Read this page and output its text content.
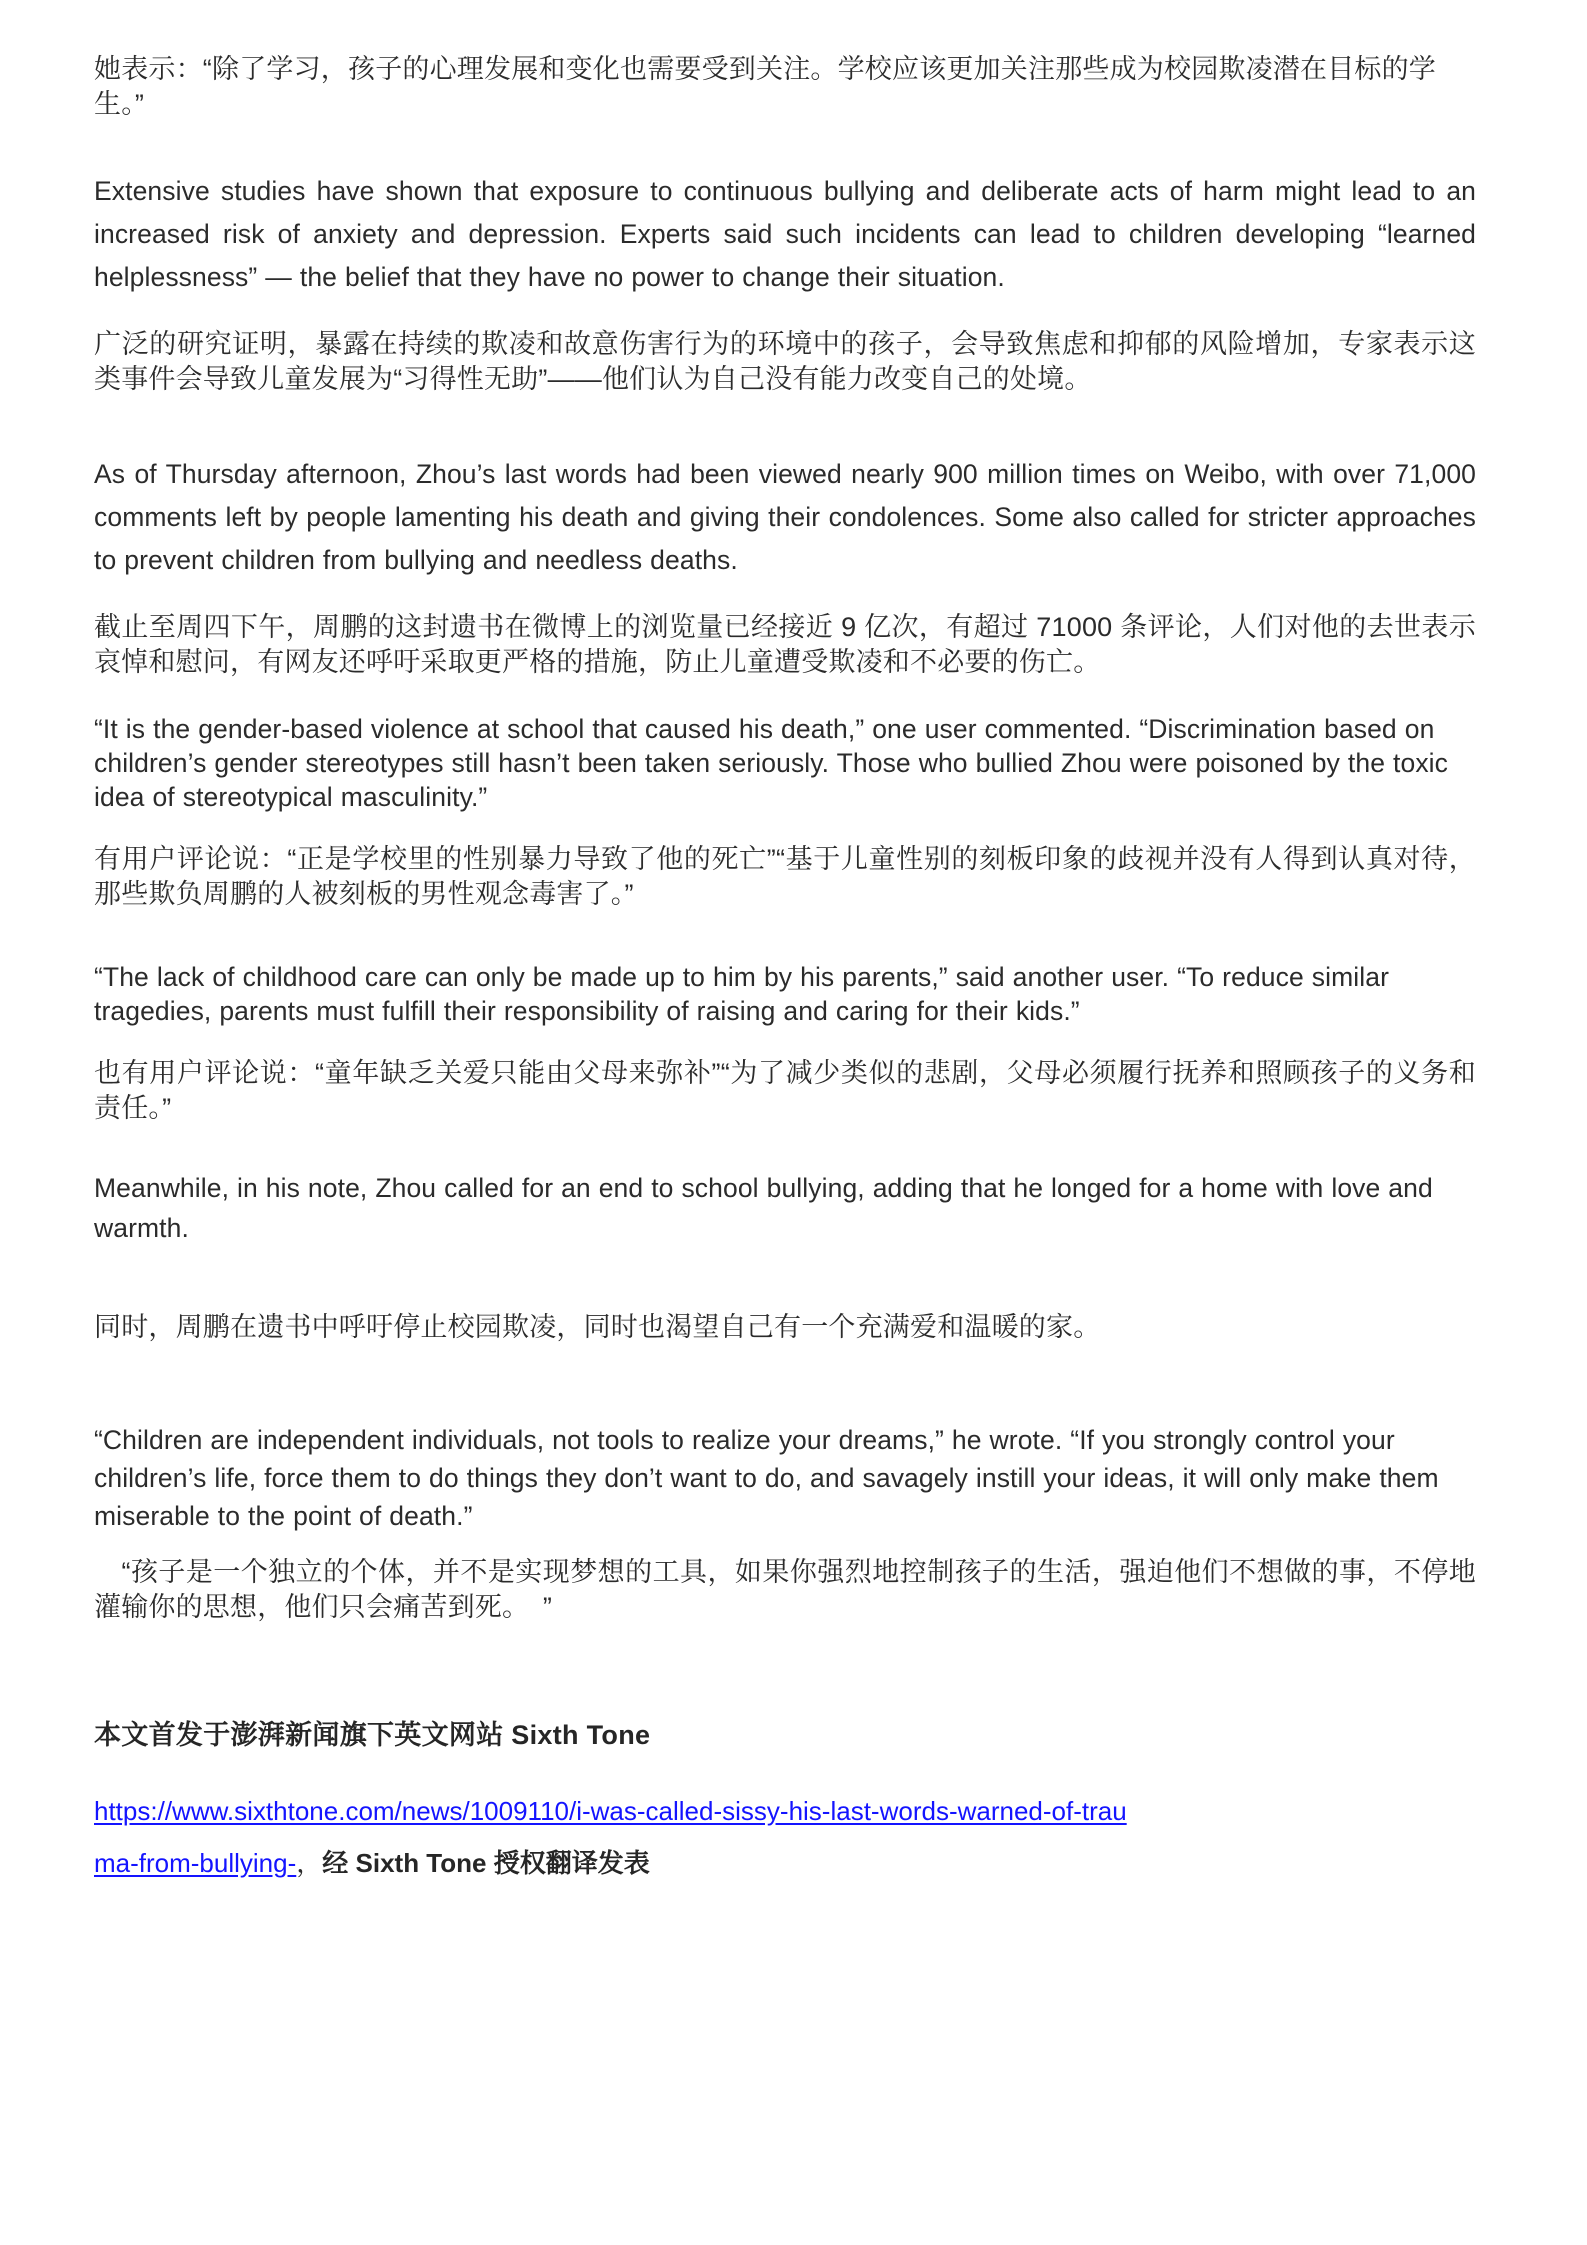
她表示：“除了学习，孩子的心理发展和变化也需要受到关注。学校应该更加关注那些成为校园欺凌潜在目标的学生。”

Extensive studies have shown that exposure to continuous bullying and deliberate acts of harm might lead to an increased risk of anxiety and depression. Experts said such incidents can lead to children developing “learned helplessness” — the belief that they have no power to change their situation.

广泛的研究证明，暴露在持续的欺凌和故意伤害行为的环境中的孩子，会导致焦虑和抑郁的风险增加，专家表示这类事件会导致儿童发展为“习得性无助”——他们认为自己没有能力改变自己的处境。

As of Thursday afternoon, Zhou’s last words had been viewed nearly 900 million times on Weibo, with over 71,000 comments left by people lamenting his death and giving their condolences. Some also called for stricter approaches to prevent children from bullying and needless deaths.

截止至周四下午，周鹏的这封遗书在微博上的浏览量已经接近 9 亿次，有超过 71000 条评论，人们对他的去世表示哀悼和慰问，有网友还呼吁采取更严格的措施，防止儿童遭受欺凌和不必要的伤亡。

“It is the gender-based violence at school that caused his death,” one user commented. “Discrimination based on children’s gender stereotypes still hasn’t been taken seriously. Those who bullied Zhou were poisoned by the toxic idea of stereotypical masculinity.”

有用户评论说：“正是学校里的性别暴力导致了他的死亡”“基于儿童性别的刻板印象的歧视并没有人得到认真对待，那些欺负周鹏的人被刻板的男性观念毒害了。”

“The lack of childhood care can only be made up to him by his parents,” said another user. “To reduce similar tragedies, parents must fulfill their responsibility of raising and caring for their kids.”

也有用户评论说：“童年缺乏关爱只能由父母来弥补”“为了减少类似的悲剧，父母必须履行抚养和照顾孩子的义务和责任。”

Meanwhile, in his note, Zhou called for an end to school bullying, adding that he longed for a home with love and warmth.

同时，周鹏在遗书中呼吁停止校园欺凌，同时也渴望自己有一个充满爱和温暖的家。

“Children are independent individuals, not tools to realize your dreams,” he wrote. “If you strongly control your children’s life, force them to do things they don’t want to do, and savagely instill your ideas, it will only make them miserable to the point of death.”

　“孩子是一个独立的个体，并不是实现梦想的工具，如果你强烈地控制孩子的生活，强迫他们不想做的事，不停地灌输你的思想，他们只会痛苦到死。　”

本文首发于澎湃新闻旗下英文网站 Sixth Tone

https://www.sixthtone.com/news/1009110/i-was-called-sissy-his-last-words-warned-of-trau
ma-from-bullying-，经 Sixth Tone 授权翻译发表
